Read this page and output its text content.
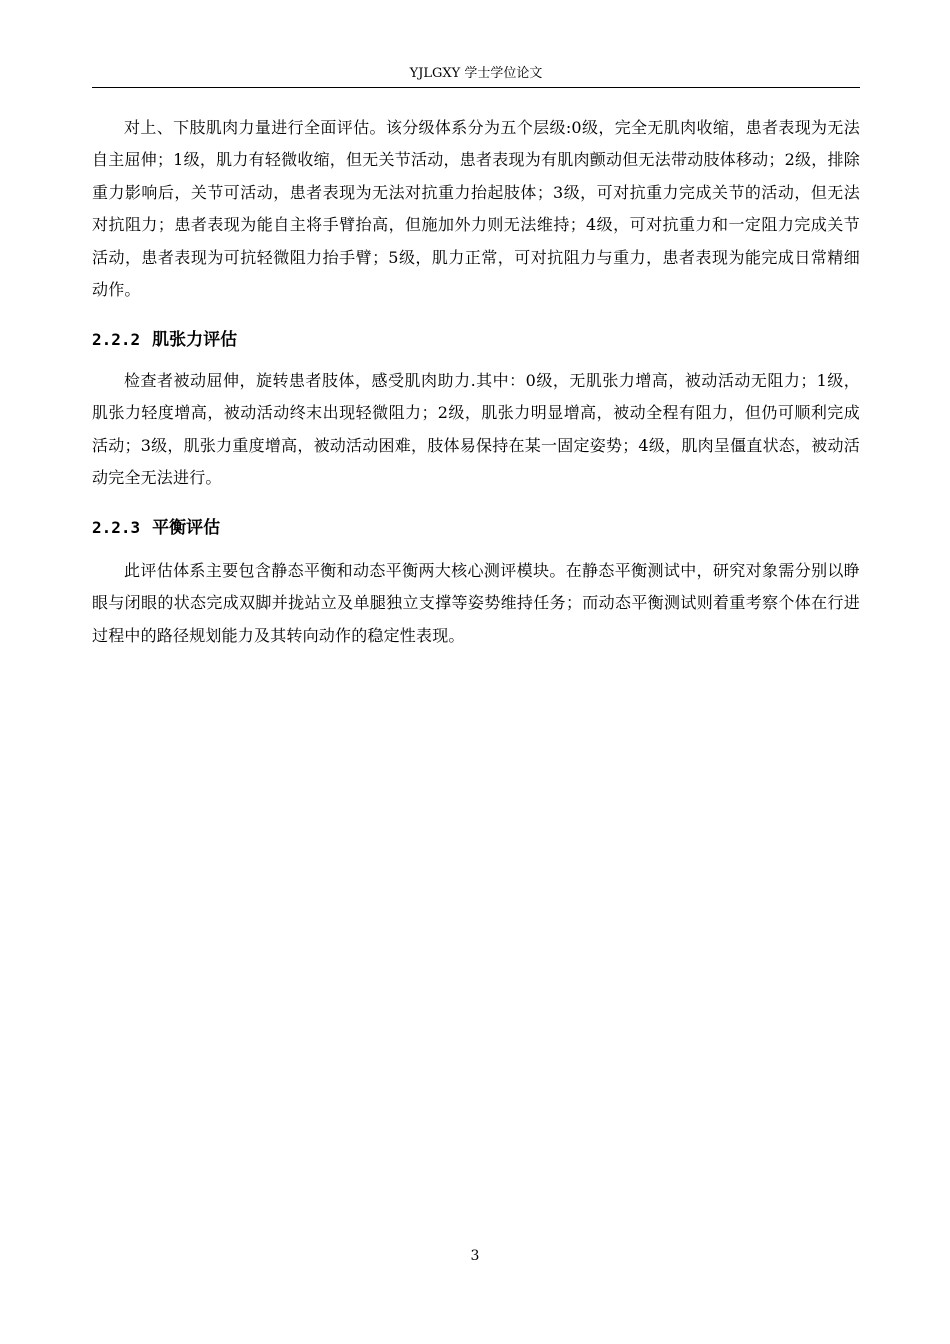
YJLGXY 学士学位论文

对上、下肢肌肉力量进行全面评估。该分级体系分为五个层级:0级，完全无肌肉收缩，患者表现为无法自主屈伸；1级，肌力有轻微收缩，但无关节活动，患者表现为有肌肉颤动但无法带动肢体移动；2级，排除重力影响后，关节可活动，患者表现为无法对抗重力抬起肢体；3级，可对抗重力完成关节的活动，但无法对抗阻力；患者表现为能自主将手臂抬高，但施加外力则无法维持；4级，可对抗重力和一定阻力完成关节活动，患者表现为可抗轻微阻力抬手臂；5级，肌力正常，可对抗阻力与重力，患者表现为能完成日常精细动作。

2.2.2 肌张力评估

检查者被动屈伸，旋转患者肢体，感受肌肉助力.其中：0级，无肌张力增高，被动活动无阻力；1级，肌张力轻度增高，被动活动终末出现轻微阻力；2级，肌张力明显增高，被动全程有阻力，但仍可顺利完成活动；3级，肌张力重度增高，被动活动困难，肢体易保持在某一固定姿势；4级，肌肉呈僵直状态，被动活动完全无法进行。

2.2.3 平衡评估

此评估体系主要包含静态平衡和动态平衡两大核心测评模块。在静态平衡测试中，研究对象需分别以睁眼与闭眼的状态完成双脚并拢站立及单腿独立支撑等姿势维持任务；而动态平衡测试则着重考察个体在行进过程中的路径规划能力及其转向动作的稳定性表现。

3
